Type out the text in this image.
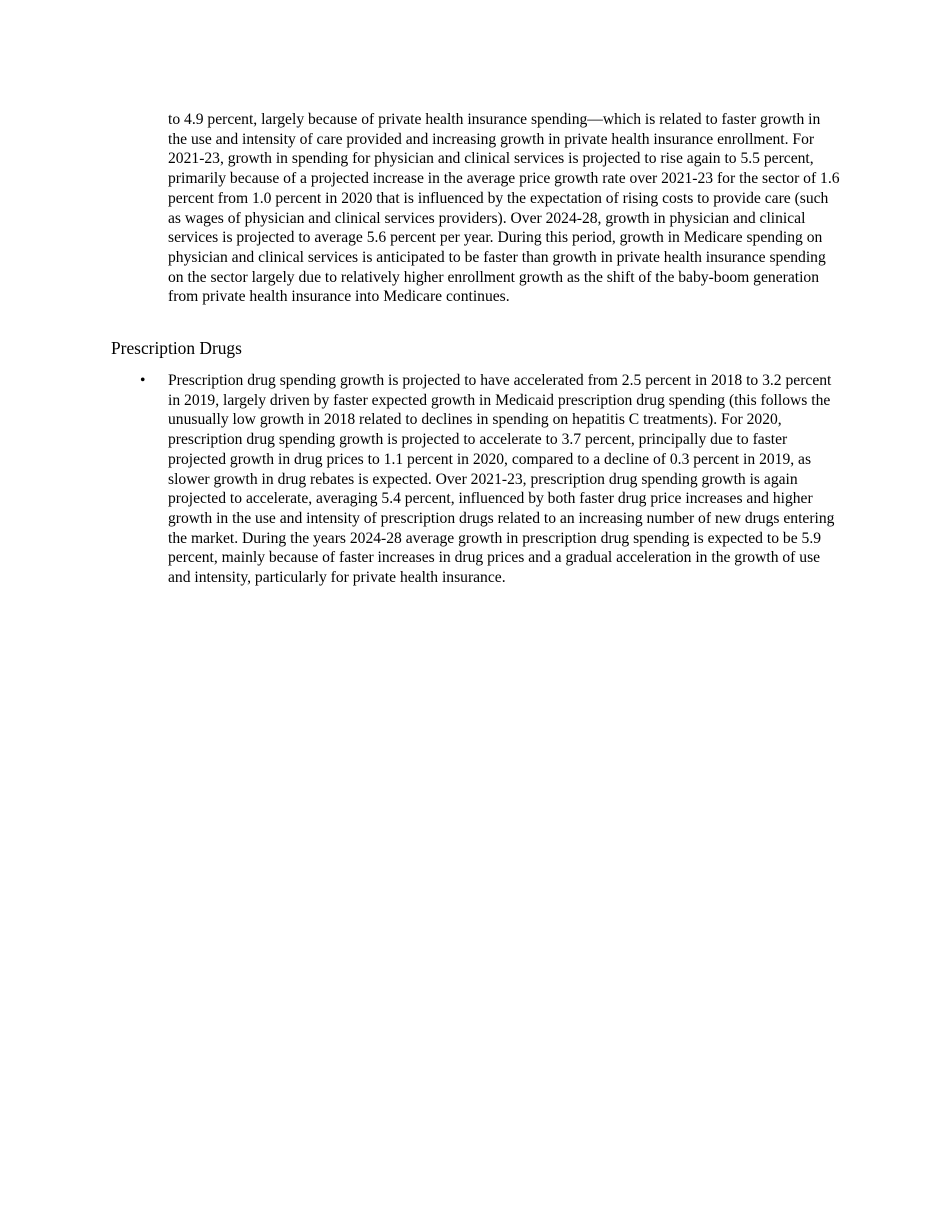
to 4.9 percent, largely because of private health insurance spending—which is related to faster growth in the use and intensity of care provided and increasing growth in private health insurance enrollment. For 2021-23, growth in spending for physician and clinical services is projected to rise again to 5.5 percent, primarily because of a projected increase in the average price growth rate over 2021-23 for the sector of 1.6 percent from 1.0 percent in 2020 that is influenced by the expectation of rising costs to provide care (such as wages of physician and clinical services providers). Over 2024-28, growth in physician and clinical services is projected to average 5.6 percent per year. During this period, growth in Medicare spending on physician and clinical services is anticipated to be faster than growth in private health insurance spending on the sector largely due to relatively higher enrollment growth as the shift of the baby-boom generation from private health insurance into Medicare continues.

Prescription Drugs
• Prescription drug spending growth is projected to have accelerated from 2.5 percent in 2018 to 3.2 percent in 2019, largely driven by faster expected growth in Medicaid prescription drug spending (this follows the unusually low growth in 2018 related to declines in spending on hepatitis C treatments). For 2020, prescription drug spending growth is projected to accelerate to 3.7 percent, principally due to faster projected growth in drug prices to 1.1 percent in 2020, compared to a decline of 0.3 percent in 2019, as slower growth in drug rebates is expected. Over 2021-23, prescription drug spending growth is again projected to accelerate, averaging 5.4 percent, influenced by both faster drug price increases and higher growth in the use and intensity of prescription drugs related to an increasing number of new drugs entering the market. During the years 2024-28 average growth in prescription drug spending is expected to be 5.9 percent, mainly because of faster increases in drug prices and a gradual acceleration in the growth of use and intensity, particularly for private health insurance.
